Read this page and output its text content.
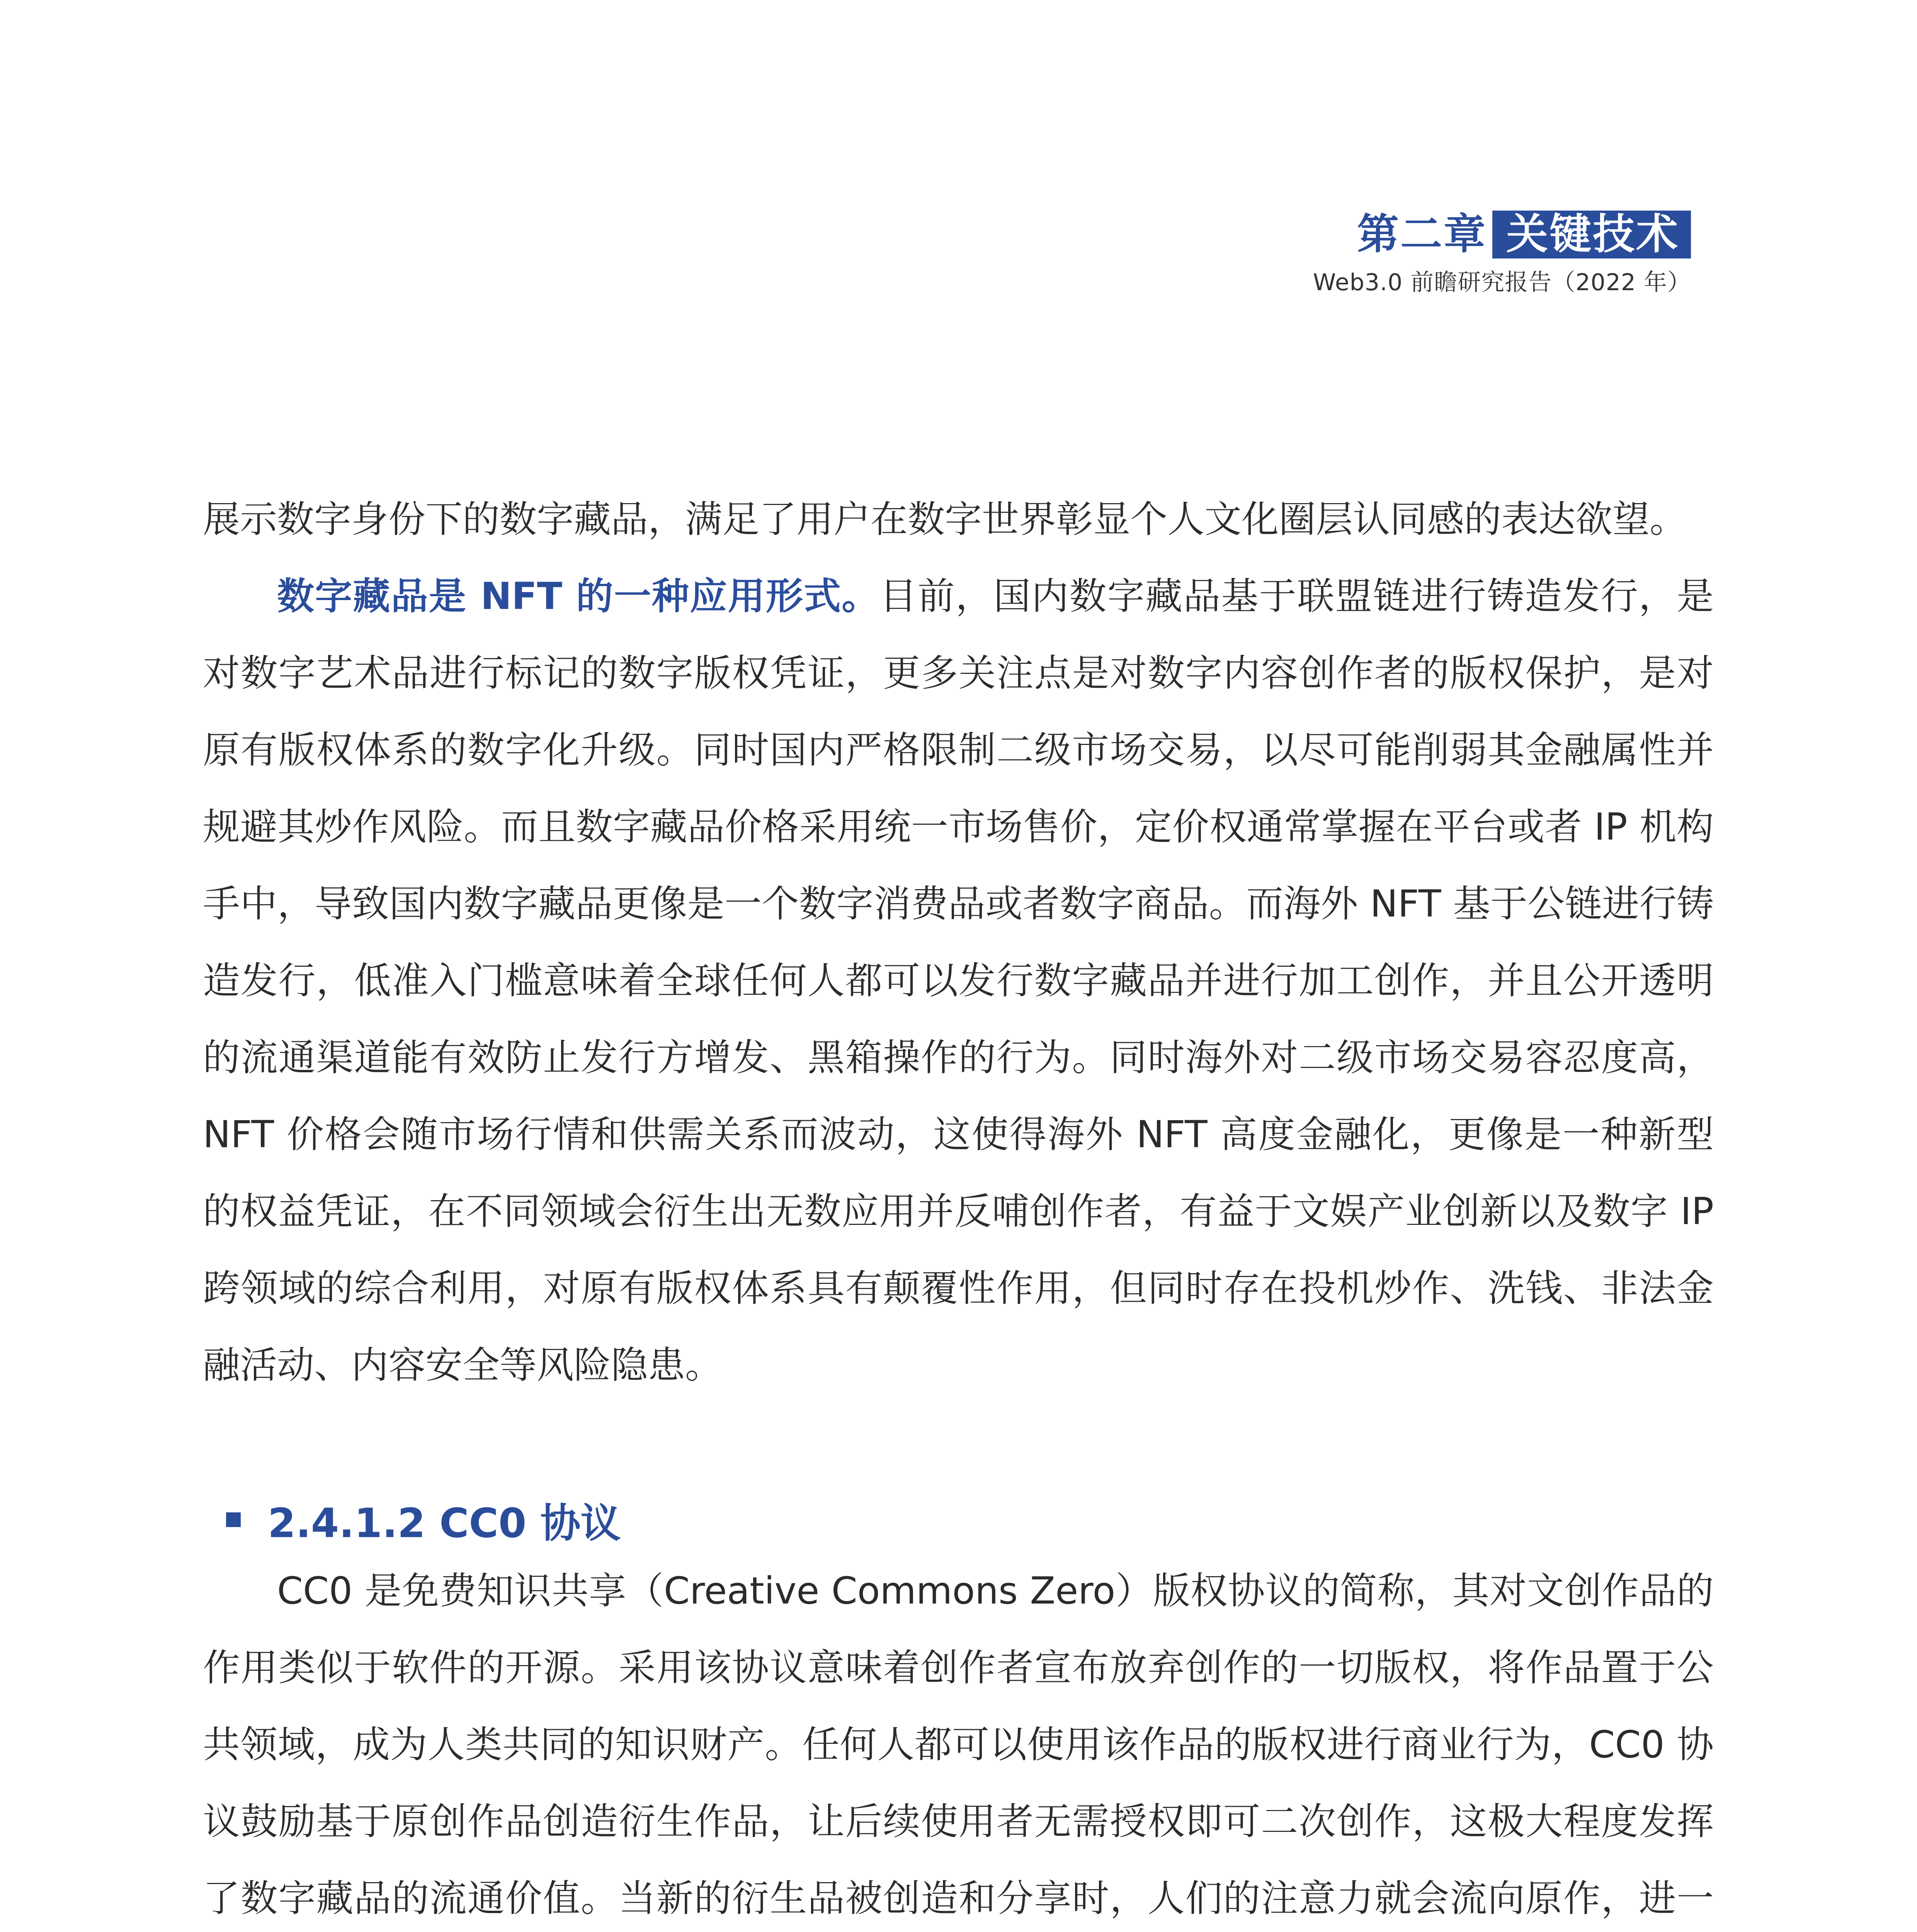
第二章 关键技术
Web3.0 前瞻研究报告（2022 年）

展示数字身份下的数字藏品，满足了用户在数字世界彰显个人文化圈层认同感的表达欲望。

数字藏品是 NFT 的一种应用形式。目前，国内数字藏品基于联盟链进行铸造发行，是对数字艺术品进行标记的数字版权凭证，更多关注点是对数字内容创作者的版权保护，是对原有版权体系的数字化升级。同时国内严格限制二级市场交易，以尽可能削弱其金融属性并规避其炒作风险。而且数字藏品价格采用统一市场售价，定价权通常掌握在平台或者 IP 机构手中，导致国内数字藏品更像是一个数字消费品或者数字商品。而海外 NFT 基于公链进行铸造发行，低准入门槛意味着全球任何人都可以发行数字藏品并进行加工创作，并且公开透明的流通渠道能有效防止发行方增发、黑箱操作的行为。同时海外对二级市场交易容忍度高，NFT 价格会随市场行情和供需关系而波动，这使得海外 NFT 高度金融化，更像是一种新型的权益凭证，在不同领域会衍生出无数应用并反哺创作者，有益于文娱产业创新以及数字 IP 跨领域的综合利用，对原有版权体系具有颠覆性作用，但同时存在投机炒作、洗钱、非法金融活动、内容安全等风险隐患。

2.4.1.2 CC0 协议

CC0 是免费知识共享（Creative Commons Zero）版权协议的简称，其对文创作品的作用类似于软件的开源。采用该协议意味着创作者宣布放弃创作的一切版权，将作品置于公共领域，成为人类共同的知识财产。任何人都可以使用该作品的版权进行商业行为，CC0 协议鼓励基于原创作品创造衍生作品，让后续使用者无需授权即可二次创作，这极大程度发挥了数字藏品的流通价值。当新的衍生品被创造和分享时，人们的注意力就会流向原作，进一
